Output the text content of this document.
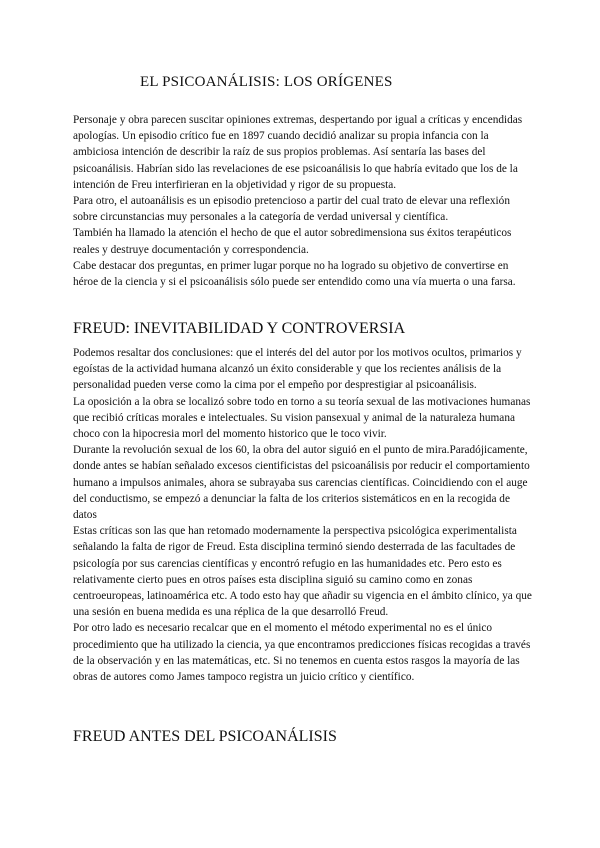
EL PSICOANÁLISIS: LOS ORÍGENES

Personaje y obra parecen suscitar opiniones extremas, despertando por igual a críticas y encendidas apologías. Un episodio crítico fue en 1897 cuando decidió analizar su propia infancia con la ambiciosa intención de describir la raíz de sus propios problemas. Así sentaría las bases del psicoanálisis. Habrían sido las revelaciones de ese psicoanálisis lo que habría evitado que los de la intención de Freu interfirieran en la objetividad y rigor de su propuesta.

Para otro, el autoanálisis es un episodio pretencioso a partir del cual trato de elevar una reflexión sobre circunstancias muy personales a la categoría de verdad universal y científica.

También ha llamado la atención el hecho de que el autor sobredimensiona sus éxitos terapéuticos reales y destruye documentación y correspondencia.

Cabe destacar dos preguntas, en primer lugar porque no ha logrado su objetivo de convertirse en héroe de la ciencia y si el psicoanálisis sólo puede ser entendido como una vía muerta o una farsa.

FREUD: INEVITABILIDAD Y CONTROVERSIA

Podemos resaltar dos conclusiones: que el interés del del autor por los motivos ocultos, primarios y egoístas de la actividad humana alcanzó un éxito considerable y que los recientes análisis de la personalidad pueden verse como la cima por el empeño por desprestigiar al psicoanálisis.

La oposición a la obra se localizó sobre todo en torno a su teoría sexual de las motivaciones humanas que recibió críticas morales e intelectuales. Su vision pansexual y animal de la naturaleza humana choco con la hipocresia morl del momento historico que le toco vivir.

Durante la revolución sexual de los 60, la obra del autor siguió en el punto de mira.Paradójicamente, donde antes se habían señalado excesos cientificistas del psicoanálisis por reducir el comportamiento humano a impulsos animales, ahora se subrayaba sus carencias científicas. Coincidiendo con el auge del conductismo, se empezó a denunciar la falta de los criterios sistemáticos en en la recogida de datos

Estas críticas son las que han retomado modernamente la perspectiva psicológica experimentalista señalando la falta de rigor de Freud. Esta disciplina terminó siendo desterrada de las facultades de psicología por sus carencias científicas y encontró refugio en las humanidades etc. Pero esto es relativamente cierto pues en otros países esta disciplina siguió su camino como en zonas centroeuropeas, latinoamérica etc. A todo esto hay que añadir su vigencia en el ámbito clínico, ya que una sesión en buena medida es una réplica de la que desarrolló Freud.

Por otro lado es necesario recalcar que en el momento el método experimental no es el único procedimiento que ha utilizado la ciencia, ya que encontramos predicciones físicas recogidas a través de la observación y en las matemáticas, etc. Si no tenemos en cuenta estos rasgos la mayoría de las obras de autores como James tampoco registra un juicio crítico y científico.

FREUD ANTES DEL PSICOANÁLISIS
